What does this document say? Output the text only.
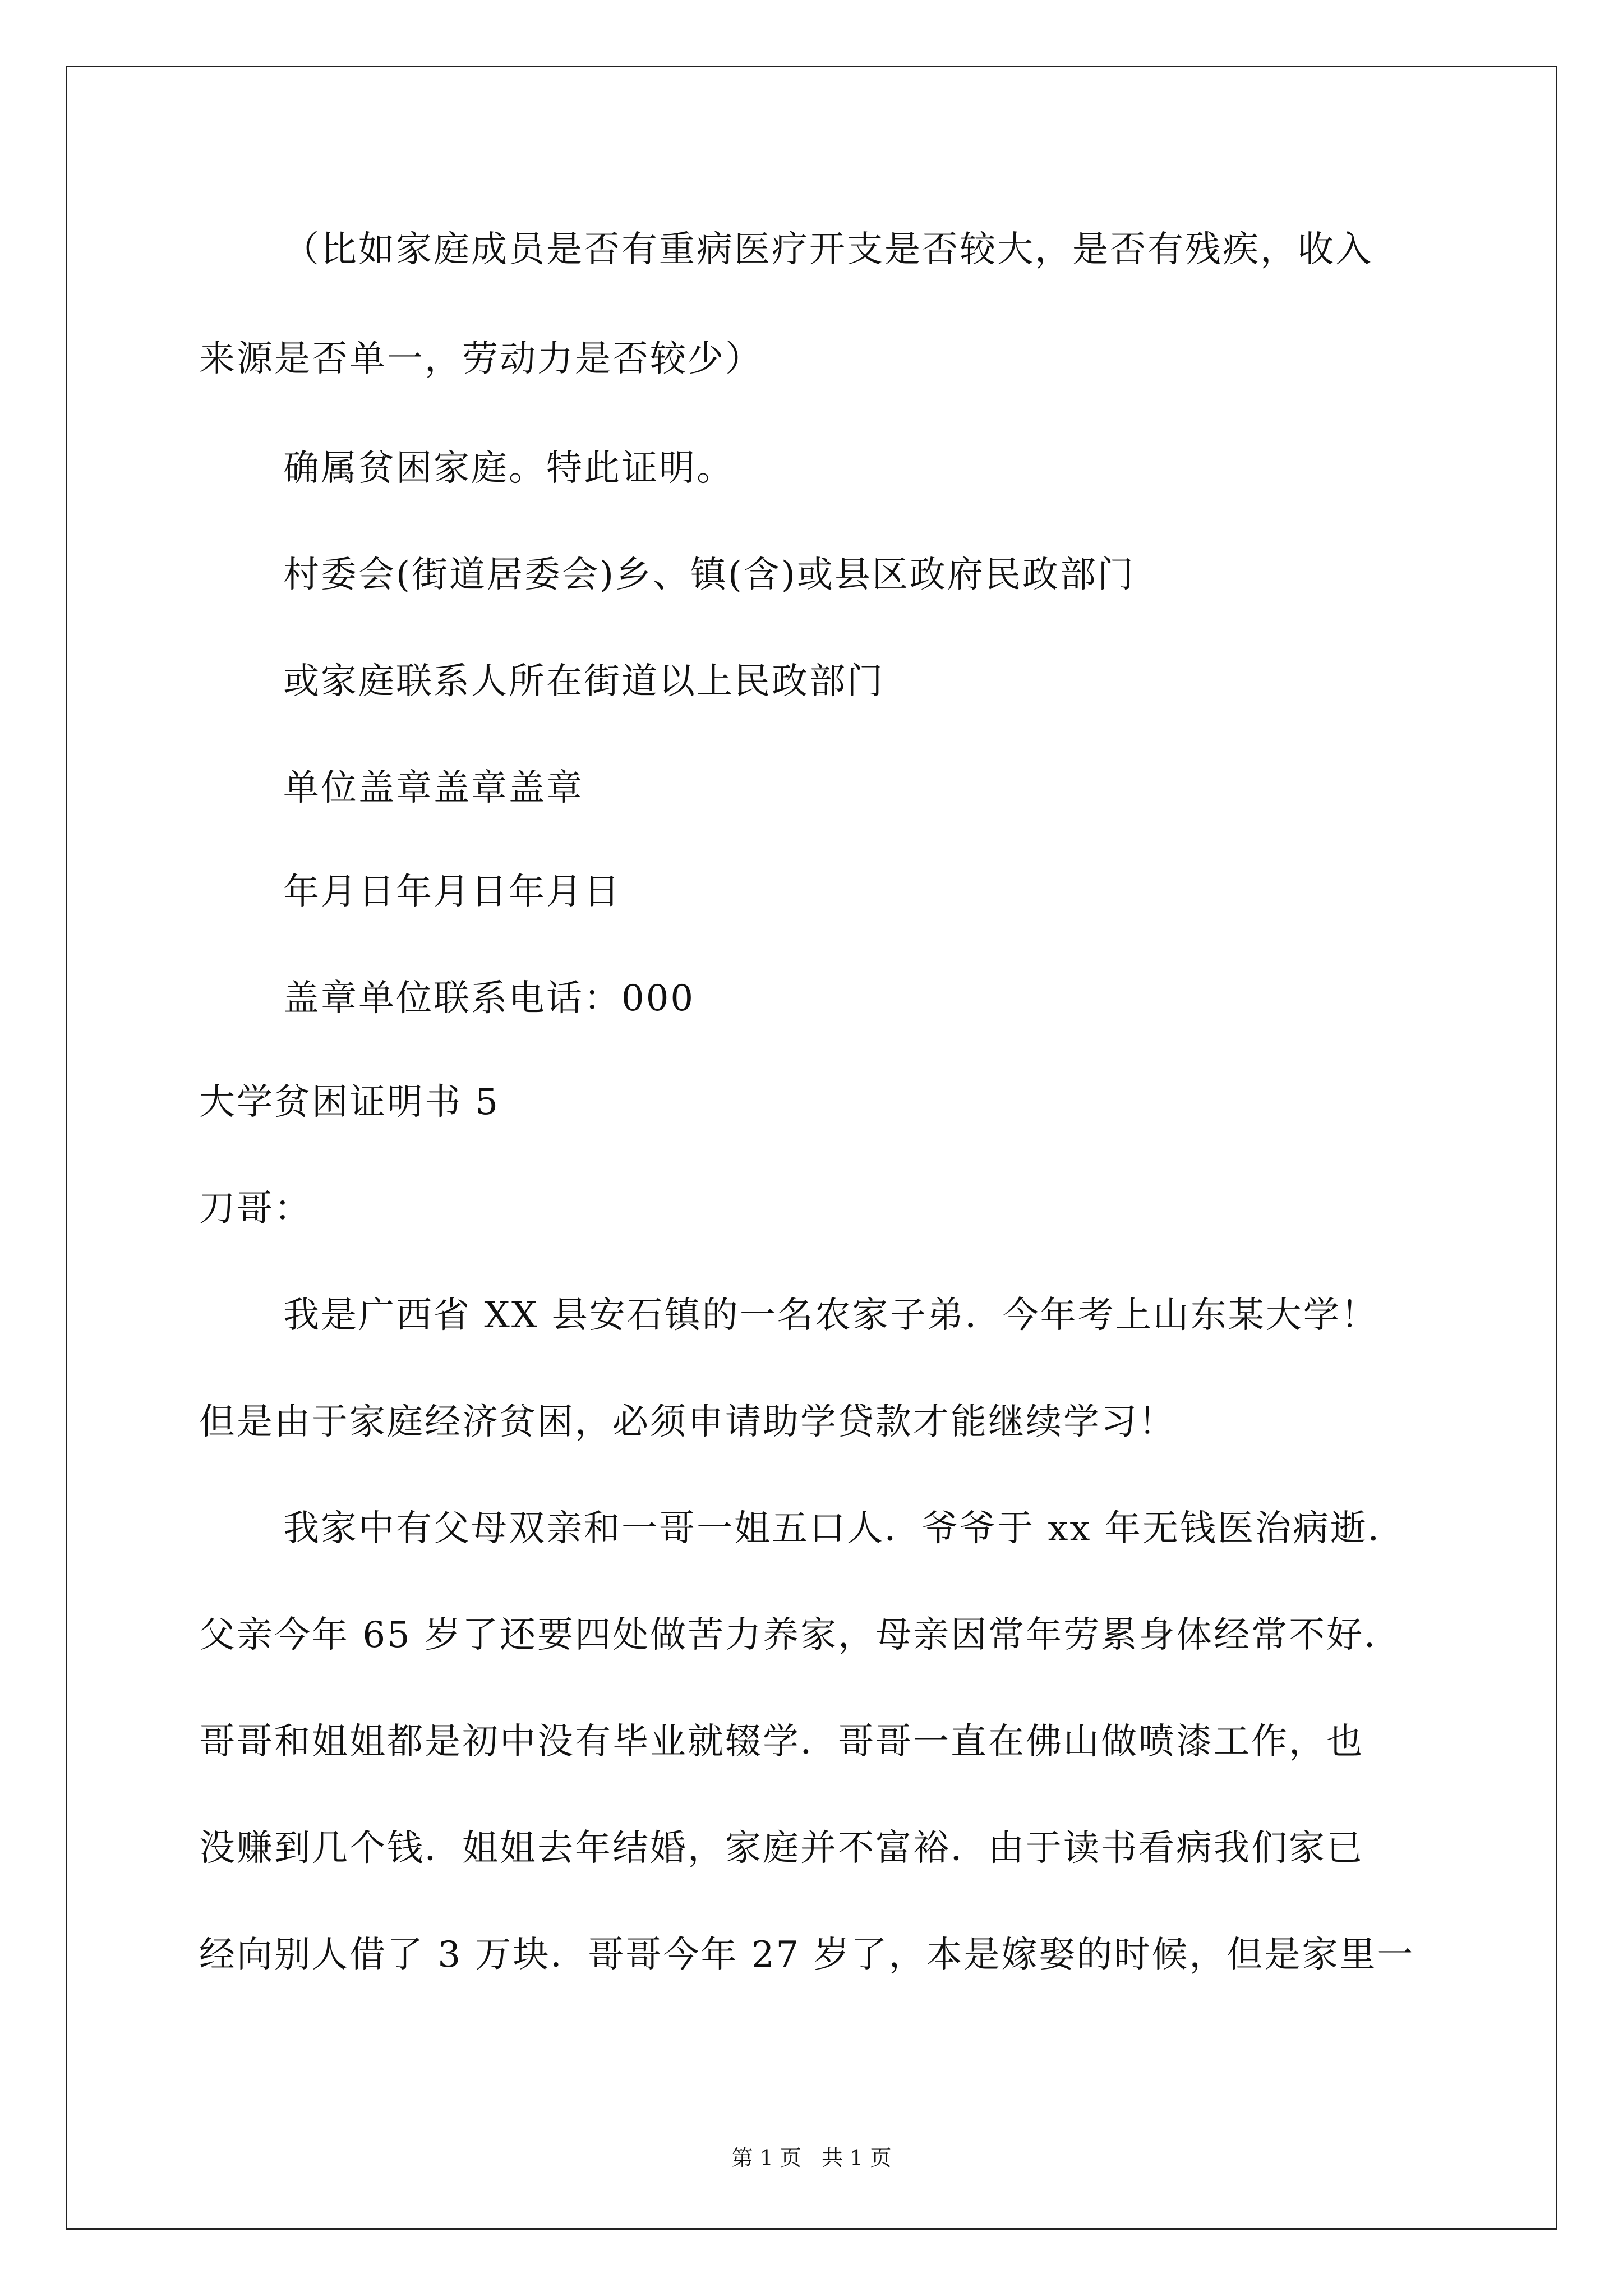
（比如家庭成员是否有重病医疗开支是否较大，是否有残疾，收入
来源是否单一，劳动力是否较少）
确属贫困家庭。特此证明。
村委会(街道居委会)乡、镇(含)或县区政府民政部门
或家庭联系人所在街道以上民政部门
单位盖章盖章盖章
年月日年月日年月日
盖章单位联系电话：000
大学贫困证明书 5
刀哥：
我是广西省 XX 县安石镇的一名农家子弟．今年考上山东某大学！
但是由于家庭经济贫困，必须申请助学贷款才能继续学习！
我家中有父母双亲和一哥一姐五口人．爷爷于 xx 年无钱医治病逝．
父亲今年 65 岁了还要四处做苦力养家，母亲因常年劳累身体经常不好．
哥哥和姐姐都是初中没有毕业就辍学．哥哥一直在佛山做喷漆工作，也
没赚到几个钱．姐姐去年结婚，家庭并不富裕．由于读书看病我们家已
经向别人借了 3 万块．哥哥今年 27 岁了，本是嫁娶的时候，但是家里一
第 1 页   共 1 页
